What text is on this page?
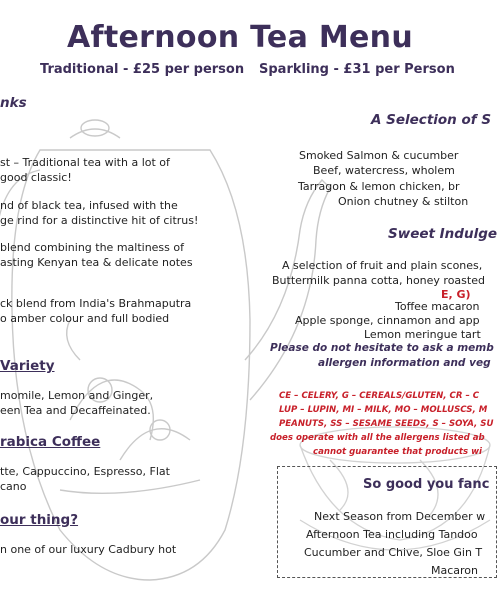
Afternoon Tea Menu
Traditional - £25 per person Sparkling - £31 per Person
nks
st – Traditional tea with a lot of
good classic!
nd of black tea, infused with the
ge rind for a distinctive hit of citrus!
blend combining the maltiness of
asting Kenyan tea & delicate notes
ck blend from India's Brahmaputra
o amber colour and full bodied
Variety
momile, Lemon and Ginger,
een Tea and Decaffeinated.
rabica Coffee
tte, Cappuccino, Espresso, Flat
cano
our thing?
n one of our luxury Cadbury hot
A Selection of S
Smoked Salmon & cucumber
Beef, watercress, wholem
Tarragon & lemon chicken, br
Onion chutney & stilton
Sweet Indulge
A selection of fruit and plain scones,
Buttermilk panna cotta, honey roasted
E, G)
Toffee macaron
Apple sponge, cinnamon and app
Lemon meringue tart
Please do not hesitate to ask a memb
allergen information and veg
CE – CELERY, G – CEREALS/GLUTEN, CR – C
LUP – LUPIN, MI – MILK, MO – MOLLUSCS, M
PEANUTS, SS – SESAME SEEDS, S – SOYA, SU
does operate with all the allergens listed ab
cannot guarantee that products wi
So good you fanc
Next Season from December w
Afternoon Tea including Tandoo
Cucumber and Chive, Sloe Gin T
Macaron
